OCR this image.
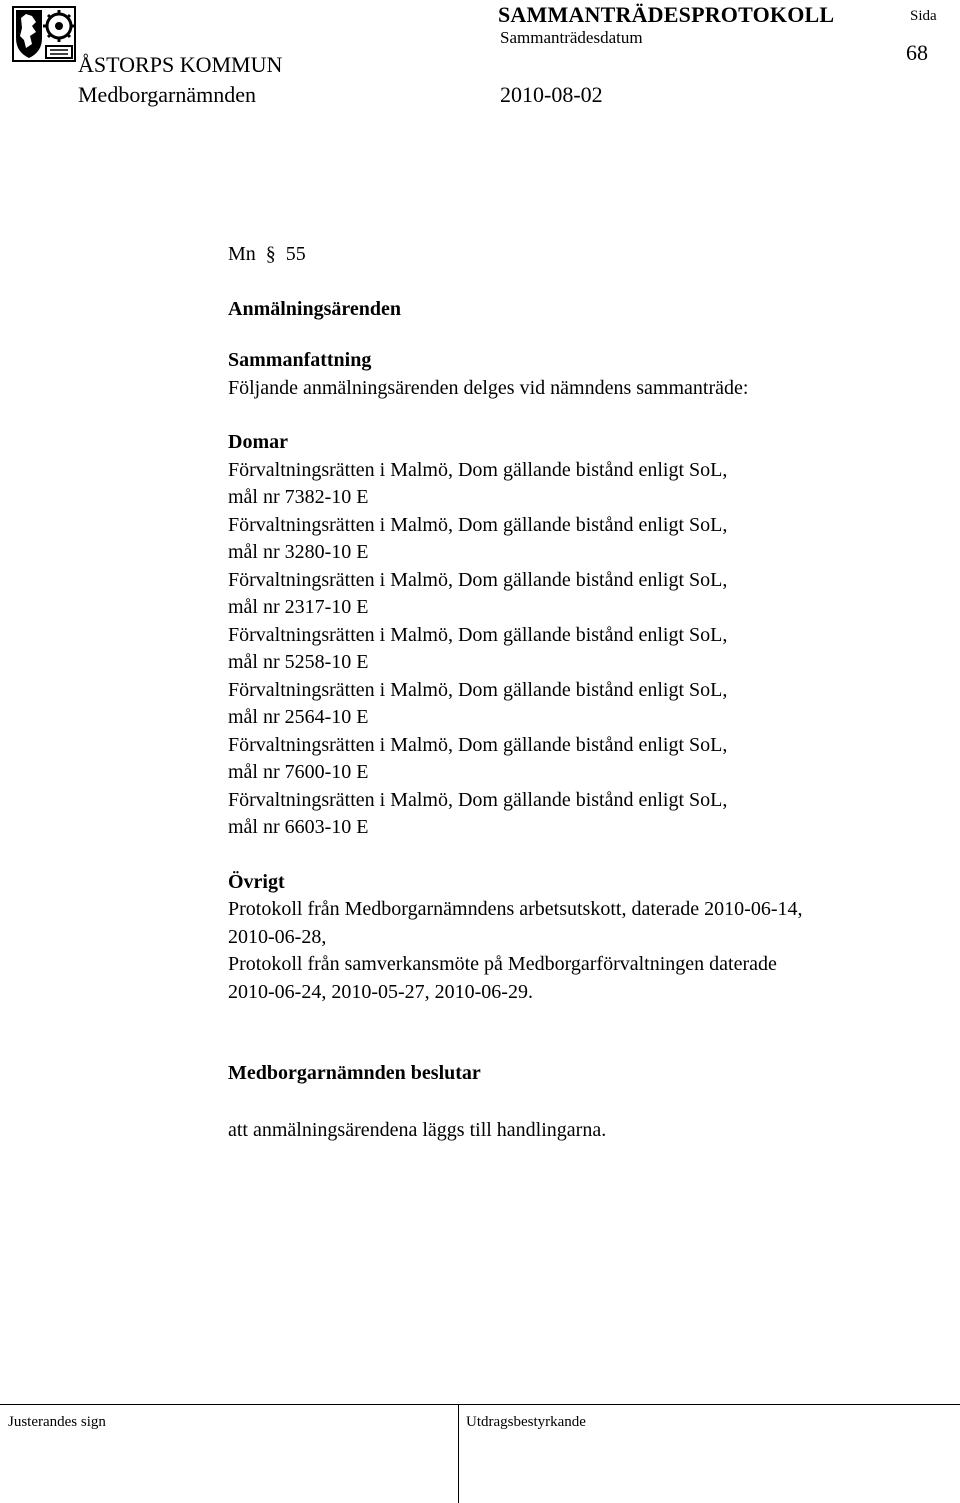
SAMMANTRÄDESPROTOKOLL	Sida
Sammanträdesdatum
68
ÅSTORPS KOMMUN
Medborgarnämnden	2010-08-02

Mn § 55

Anmälningsärenden

Sammanfattning

Följande anmälningsärenden delges vid nämndens sammanträde:

Domar

Förvaltningsrätten i Malmö, Dom gällande bistånd enligt SoL,

mål nr 7382-10 E

Förvaltningsrätten i Malmö, Dom gällande bistånd enligt SoL,

mål nr 3280-10 E

Förvaltningsrätten i Malmö, Dom gällande bistånd enligt SoL,

mål nr 2317-10 E

Förvaltningsrätten i Malmö, Dom gällande bistånd enligt SoL,

mål nr 5258-10 E

Förvaltningsrätten i Malmö, Dom gällande bistånd enligt SoL,

mål nr 2564-10 E

Förvaltningsrätten i Malmö, Dom gällande bistånd enligt SoL,

mål nr 7600-10 E

Förvaltningsrätten i Malmö, Dom gällande bistånd enligt SoL,

mål nr 6603-10 E

Övrigt

Protokoll från Medborgarnämndens arbetsutskott, daterade 2010-06-14,

2010-06-28,

Protokoll från samverkansmöte på Medborgarförvaltningen daterade

2010-06-24, 2010-05-27, 2010-06-29.

Medborgarnämnden beslutar

att anmälningsärendena läggs till handlingarna.

Justerandes sign	Utdragsbestyrkande
